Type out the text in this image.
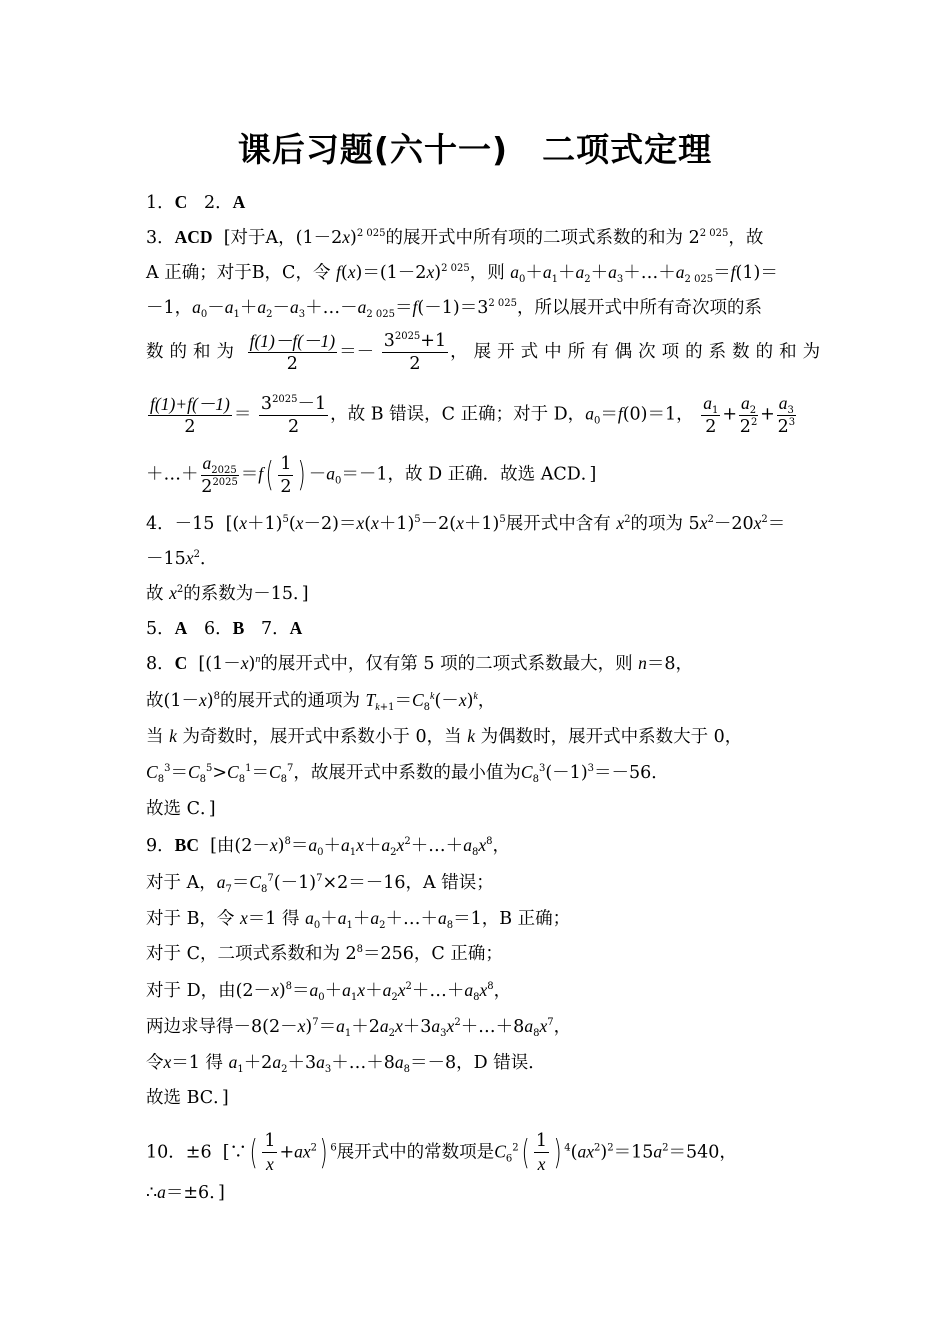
课后习题(六十一)　二项式定理
1．C 2．A
3．ACD [对于A，$(1-2x)^{2 025}$的展开式中所有项的二项式系数的和为 $2^{2 025}$，故
A 正确；对于B，C，令 $f(x)=(1-2x)^{2 025}$，则 $a_0+a_1+a_2+a_3+\dots+a_{2 025}=f(1)=$
－1，$a_0-a_1+a_2-a_3+\dots-a_{2 025}=f(-1)=3^{2 025}$，所以展开式中所有奇次项的系
数的和为 $\frac{f(1)-f(-1)}{2} =- \frac{3^{2025}+1}{2}$ ，展开式中所有偶次项的系数的和为
$\frac{f(1)+f(-1)}{2} = \frac{3^{2025}-1}{2}$ ，故 B 错误，C 正确；对于 D，$a_0=f(0)=1$， $\frac{a_1}{2} + \frac{a_2}{2^2} + \frac{a_3}{2^3}$
＋…＋ $\frac{a_{2025}}{2^{2025}} =f( \frac{1}{2}$ ) $-a_0=-1$，故 D 正确．故选 ACD．]
4．－15 [$(x+1)^5(x-2)=x(x+1)^5-2(x+1)^5$展开式中含有 $x^2$的项为 $5x^2-20x^2=$
$-15x^2$．
故 $x^2$的系数为－15．]
5．A 6．B 7．A
8．C [$(1-x)^n$的展开式中，仅有第 5 项的二项式系数最大，则 n＝8，
故$(1-x)^8$的展开式的通项为 $T_{k+1}=C_8^k(-x)^k$，
当 k 为奇数时，展开式中系数小于 0，当 k 为偶数时，展开式中系数大于 0，
$C_8^3=C_8^5>C_8^1=C_8^7$，故展开式中系数的最小值为$C_8^3(-1)^3=-56$．
故选 C．]
9．BC [由$(2-x)^8=a_0+a_1x+a_2x^2+\dots+a_8x^8$，
对于 A，$a_7=C_8^7(-1)^7\times 2=-16$，A 错误；
对于 B，令 x＝1 得 $a_0+a_1+a_2+\dots+a_8=1$，B 正确；
对于 C，二项式系数和为 $2^8=256$，C 正确；
对于 D，由$(2-x)^8=a_0+a_1x+a_2x^2+\dots+a_8x^8$，
两边求导得$-8(2-x)^7=a_1+2a_2x+3a_3x^2+\dots+8a_8x^7$，
令x＝1 得 $a_1+2a_2+3a_3+\dots+8a_8=-8$，D 错误．
故选 BC．]
10．±6 [∵( $\frac{1}{x} +ax^2$) $^6$展开式中的常数项是$C_6^2( \frac{1}{x}$ ) $^4(ax^2)^2=15a^2=540$，
∴a＝±6．]
